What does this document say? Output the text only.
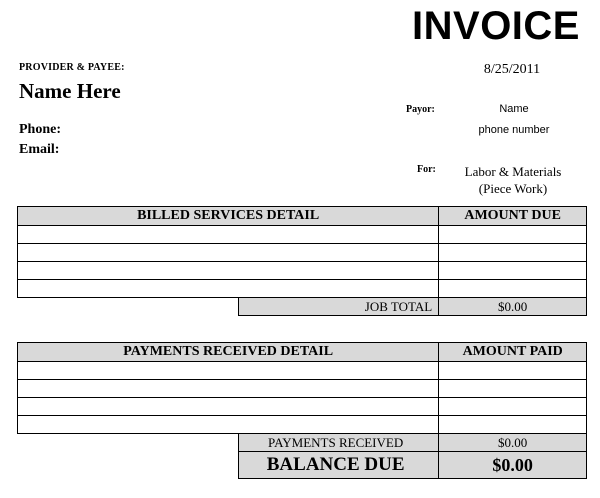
INVOICE
8/25/2011
PROVIDER & PAYEE:
Name Here
Phone:
Email:
Payor:	Name
phone number
For:	Labor & Materials
(Piece Work)
BILLED SERVICES DETAIL		AMOUNT DUE

	JOB TOTAL	$0.00
PAYMENTS RECEIVED DETAIL		AMOUNT PAID

	PAYMENTS RECEIVED	$0.00
	BALANCE DUE	$0.00
